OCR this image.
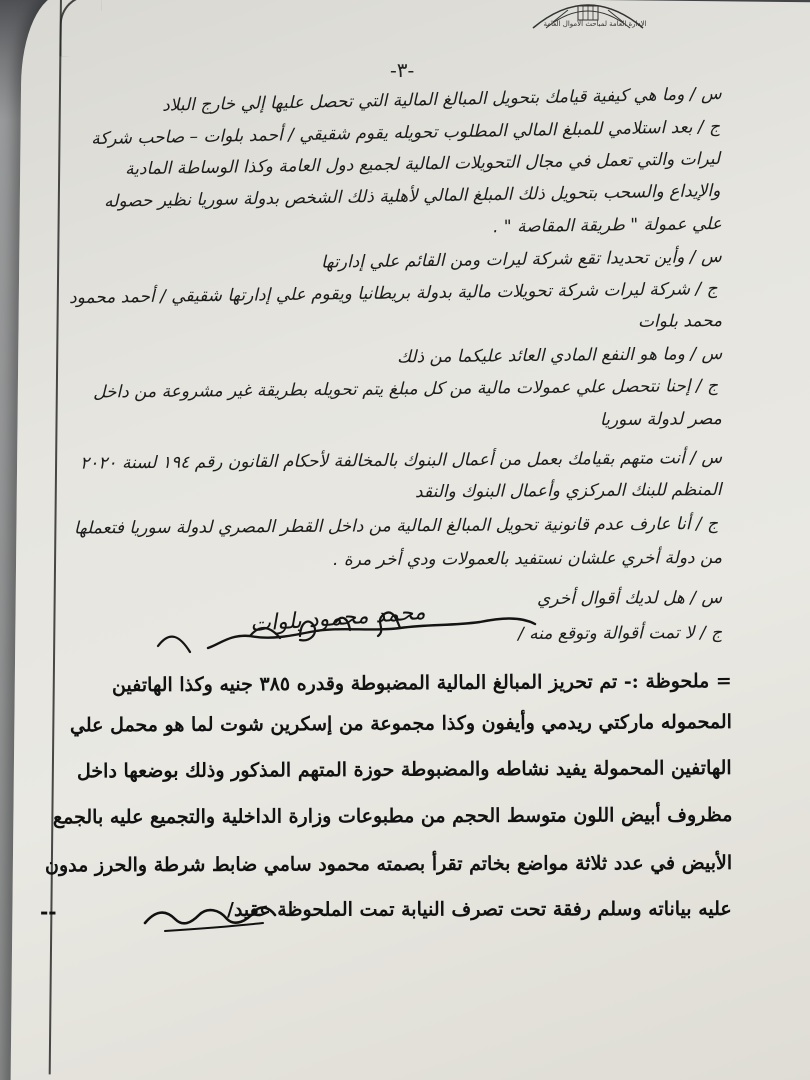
الإدارة العامة لمباحث الأموال العامة
-٣-
س / وما هي كيفية قيامك بتحويل المبالغ المالية التي تحصل عليها إلي خارج البلاد
ج / بعد استلامي للمبلغ المالي المطلوب تحويله يقوم شقيقي / أحمد بلوات – صاحب شركة
ليرات والتي تعمل في مجال التحويلات المالية لجميع دول العامة وكذا الوساطة المادية
والإيداع والسحب بتحويل ذلك المبلغ المالي لأهلية ذلك الشخص بدولة سوريا نظير حصوله
علي عمولة " طريقة المقاصة " .
س / وأين تحديدا تقع شركة ليرات ومن القائم علي إدارتها
ج / شركة ليرات شركة تحويلات مالية بدولة بريطانيا ويقوم علي إدارتها شقيقي / أحمد محمود
محمد بلوات
س / وما هو النفع المادي العائد عليكما من ذلك
ج / إحنا نتحصل علي عمولات مالية من كل مبلغ يتم تحويله بطريقة غير مشروعة من داخل
مصر لدولة سوريا
س / أنت متهم بقيامك بعمل من أعمال البنوك بالمخالفة لأحكام القانون رقم ١٩٤ لسنة ٢٠٢٠
المنظم للبنك المركزي وأعمال البنوك والنقد
ج / أنا عارف عدم قانونية تحويل المبالغ المالية من داخل القطر المصري لدولة سوريا فتعملها
من دولة أخري علشان نستفيد بالعمولات ودي أخر مرة .
س / هل لديك أقوال أخري
ج / لا تمت أقوالة وتوقع منه /
محمد محمود بلوات
= ملحوظة :- تم تحريز المبالغ المالية المضبوطة وقدره ٣٨٥ جنيه وكذا الهاتفين
المحموله ماركتي ريدمي وأيفون وكذا مجموعة من إسكرين شوت لما هو محمل علي
الهاتفين المحمولة يفيد نشاطه والمضبوطة حوزة المتهم المذكور وذلك بوضعها داخل
مظروف أبيض اللون متوسط الحجم من مطبوعات وزارة الداخلية والتجميع عليه بالجمع
الأبيض في عدد ثلاثة مواضع بخاتم تقرأ بصمته محمود سامي ضابط شرطة والحرز مدون
عليه بياناته وسلم رفقة تحت تصرف النيابة تمت الملحوظة عقيد/
--
